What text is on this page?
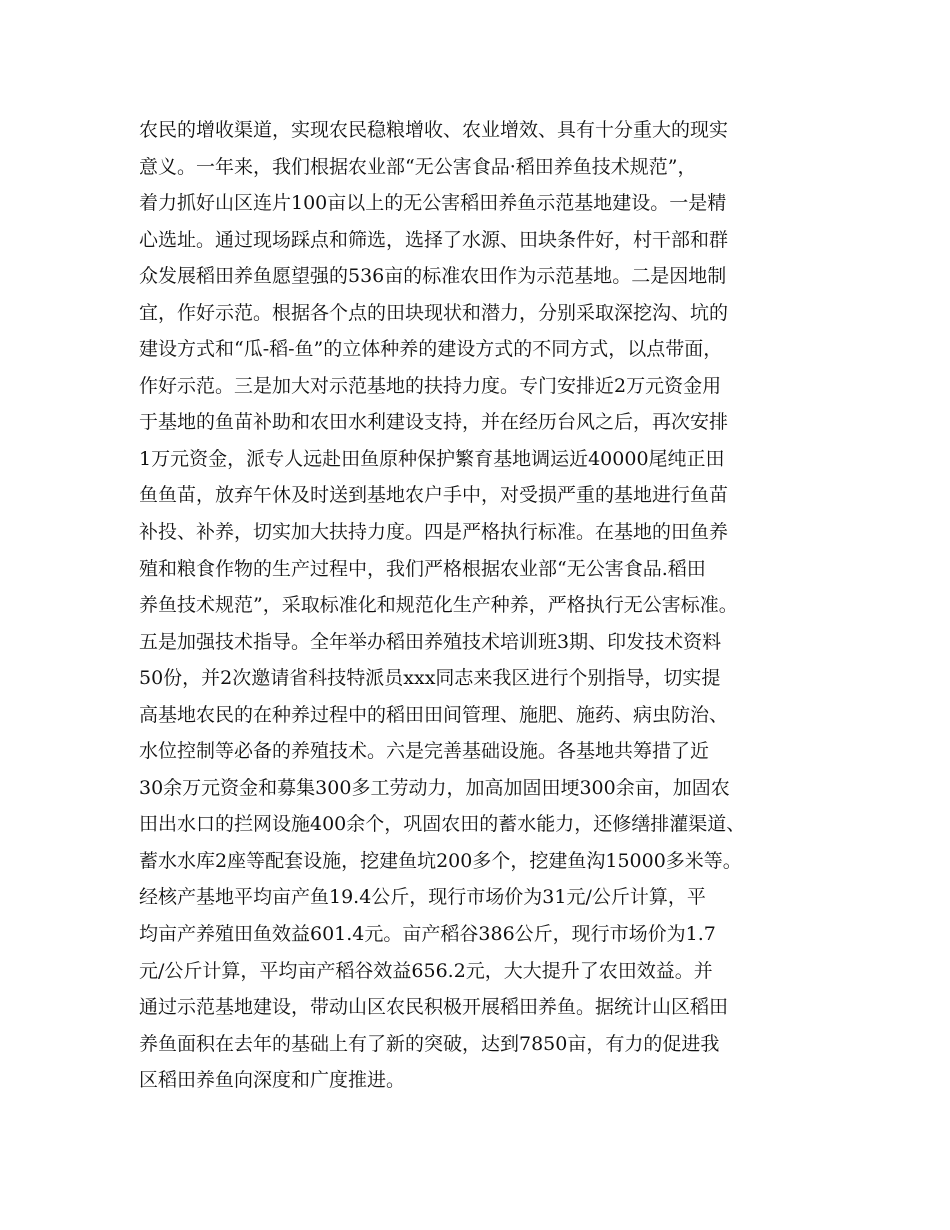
农民的增收渠道，实现农民稳粮增收、农业增效、具有十分重大的现实
意义。一年来，我们根据农业部“无公害食品·稻田养鱼技术规范”，
着力抓好山区连片100亩以上的无公害稻田养鱼示范基地建设。一是精
心选址。通过现场踩点和筛选，选择了水源、田块条件好，村干部和群
众发展稻田养鱼愿望强的536亩的标准农田作为示范基地。二是因地制
宜，作好示范。根据各个点的田块现状和潜力，分别采取深挖沟、坑的
建设方式和“瓜-稻-鱼”的立体种养的建设方式的不同方式，以点带面，
作好示范。三是加大对示范基地的扶持力度。专门安排近2万元资金用
于基地的鱼苗补助和农田水利建设支持，并在经历台风之后，再次安排
1万元资金，派专人远赴田鱼原种保护繁育基地调运近40000尾纯正田
鱼鱼苗，放弃午休及时送到基地农户手中，对受损严重的基地进行鱼苗
补投、补养，切实加大扶持力度。四是严格执行标准。在基地的田鱼养
殖和粮食作物的生产过程中，我们严格根据农业部“无公害食品.稻田
养鱼技术规范”，采取标准化和规范化生产种养，严格执行无公害标准。
五是加强技术指导。全年举办稻田养殖技术培训班3期、印发技术资料
50份，并2次邀请省科技特派员xxx同志来我区进行个别指导，切实提
高基地农民的在种养过程中的稻田田间管理、施肥、施药、病虫防治、
水位控制等必备的养殖技术。六是完善基础设施。各基地共筹措了近
30余万元资金和募集300多工劳动力，加高加固田埂300余亩，加固农
田出水口的拦网设施400余个，巩固农田的蓄水能力，还修缮排灌渠道、
蓄水水库2座等配套设施，挖建鱼坑200多个，挖建鱼沟15000多米等。
经核产基地平均亩产鱼19.4公斤，现行市场价为31元/公斤计算，平
均亩产养殖田鱼效益601.4元。亩产稻谷386公斤，现行市场价为1.7
元/公斤计算，平均亩产稻谷效益656.2元，大大提升了农田效益。并
通过示范基地建设，带动山区农民积极开展稻田养鱼。据统计山区稻田
养鱼面积在去年的基础上有了新的突破，达到7850亩，有力的促进我
区稻田养鱼向深度和广度推进。
